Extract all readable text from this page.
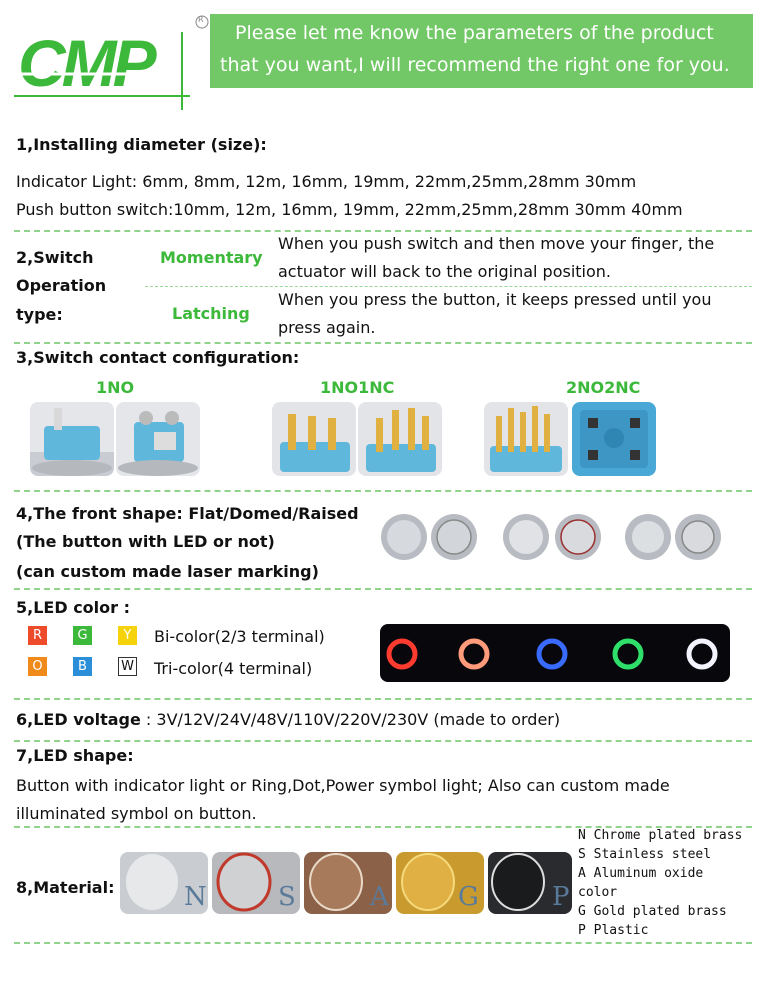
CMP
R
Please let me know the parameters of the product
that you want,I will recommend the right one for you.
1,Installing diameter (size):
Indicator Light: 6mm, 8mm, 12m, 16mm, 19mm, 22mm,25mm,28mm 30mm
Push button switch:10mm, 12m, 16mm, 19mm, 22mm,25mm,28mm 30mm 40mm
2,Switch
Operation
type:
Momentary
When you push switch and then move your finger, the
actuator will back to the original position.
Latching
When you press the button, it keeps pressed until you
press again.
3,Switch contact configuration:
1NO	1NO1NC	2NO2NC
4,The front shape: Flat/Domed/Raised
(The button with LED or not)
(can custom made laser marking)
5,LED color :
R	G	Y
O	B	W
Bi-color(2/3 terminal)
Tri-color(4 terminal)
6,LED voltage : 3V/12V/24V/48V/110V/220V/230V (made to order)
7,LED shape:
Button with indicator light or Ring,Dot,Power symbol light; Also can custom made
illuminated symbol on button.
8,Material:	N	S	A	G	P
N Chrome plated brass
S Stainless steel
A Aluminum oxide
color
G Gold plated brass
P Plastic
